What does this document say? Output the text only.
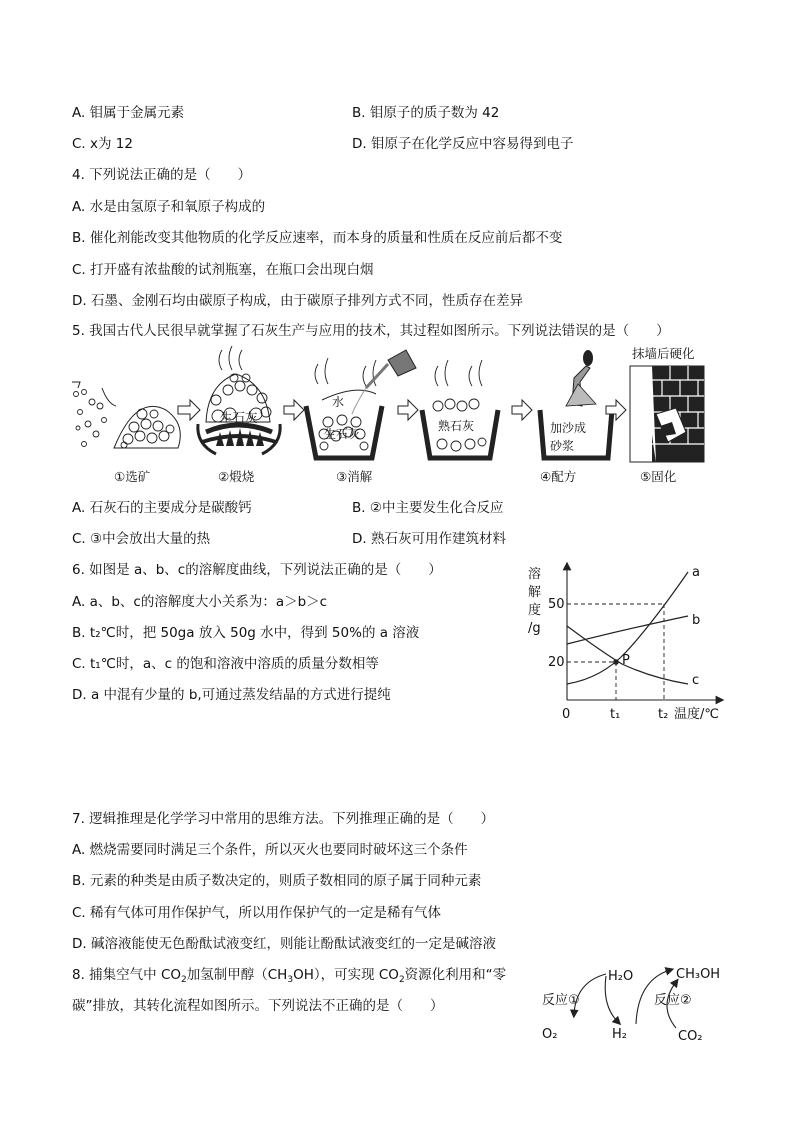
A. 钼属于金属元素	B. 钼原子的质子数为 42
C. x为 12	D. 钼原子在化学反应中容易得到电子
4. 下列说法正确的是（　　）
A. 水是由氢原子和氧原子构成的
B. 催化剂能改变其他物质的化学反应速率，而本身的质量和性质在反应前后都不变
C. 打开盛有浓盐酸的试剂瓶塞，在瓶口会出现白烟
D. 石墨、金刚石均由碳原子构成，由于碳原子排列方式不同，性质存在差异
5. 我国古代人民很早就掌握了石灰生产与应用的技术，其过程如图所示。下列说法错误的是（　　）
①选矿
生石灰
②煅烧
水
生石灰
③消解
熟石灰	加沙成
砂浆
④配方
抹墙后硬化
⑤固化
A. 石灰石的主要成分是碳酸钙	B. ②中主要发生化合反应
C. ③中会放出大量的热	D. 熟石灰可用作建筑材料
6. 如图是 a、b、c的溶解度曲线，下列说法正确的是（　　）
A. a、b、c的溶解度大小关系为：a＞b＞c
B. t₂℃时，把 50ga 放入 50g 水中，得到 50%的 a 溶液
C. t₁℃时，a、c 的饱和溶液中溶质的质量分数相等
D. a 中混有少量的 b,可通过蒸发结晶的方式进行提纯
a
b
c
P
50
20
0	t₁	t₂ 温度/℃
溶
解
度
/g
7. 逻辑推理是化学学习中常用的思维方法。下列推理正确的是（　　）
A. 燃烧需要同时满足三个条件，所以灭火也要同时破坏这三个条件
B. 元素的种类是由质子数决定的，则质子数相同的原子属于同种元素
C. 稀有气体可用作保护气，所以用作保护气的一定是稀有气体
D. 碱溶液能使无色酚酞试液变红，则能让酚酞试液变红的一定是碱溶液
8. 捕集空气中 $CO_2$加氢制甲醇$(CH_3OH)$，可实现 $CO_2$资源化利用和“零
碳”排放，其转化流程如图所示。下列说法不正确的是（　　）
H₂O	CH₃OH
反应①	反应②
O₂	H₂	CO₂
